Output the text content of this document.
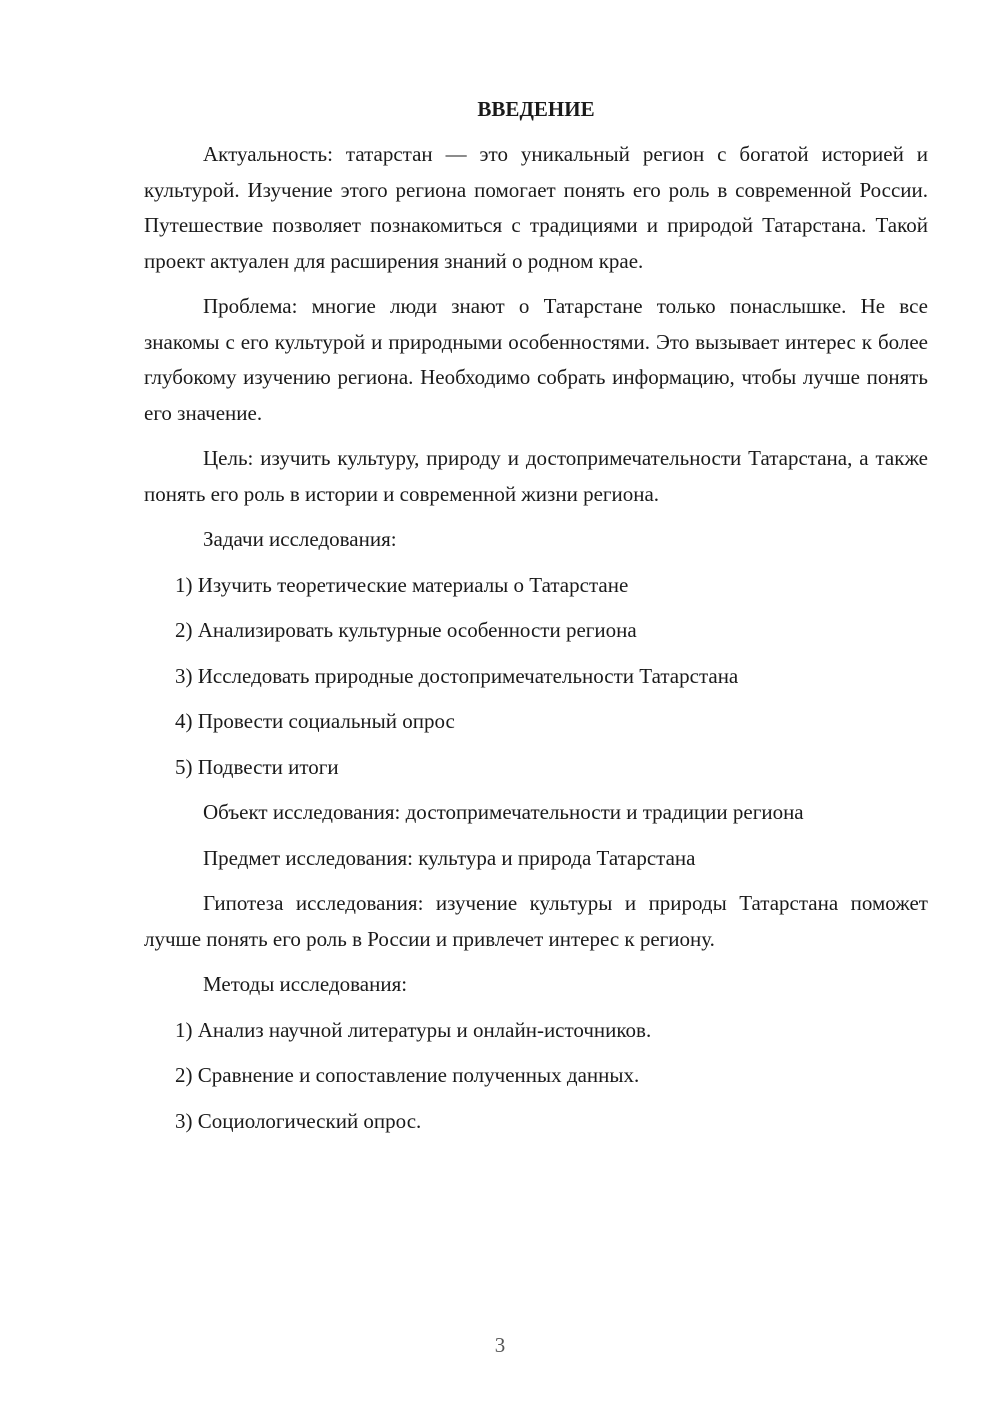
ВВЕДЕНИЕ

Актуальность: татарстан — это уникальный регион с богатой историей и культурой. Изучение этого региона помогает понять его роль в современной России. Путешествие позволяет познакомиться с традициями и природой Татарстана. Такой проект актуален для расширения знаний о родном крае.

Проблема: многие люди знают о Татарстане только понаслышке. Не все знакомы с его культурой и природными особенностями. Это вызывает интерес к более глубокому изучению региона. Необходимо собрать информацию, чтобы лучше понять его значение.

Цель: изучить культуру, природу и достопримечательности Татарстана, а также понять его роль в истории и современной жизни региона.

Задачи исследования:

1) Изучить теоретические материалы о Татарстане

2) Анализировать культурные особенности региона

3) Исследовать природные достопримечательности Татарстана

4) Провести социальный опрос

5) Подвести итоги

Объект исследования: достопримечательности и традиции региона

Предмет исследования: культура и природа Татарстана

Гипотеза исследования: изучение культуры и природы Татарстана поможет лучше понять его роль в России и привлечет интерес к региону.

Методы исследования:

1) Анализ научной литературы и онлайн-источников.

2) Сравнение и сопоставление полученных данных.

3) Социологический опрос.

3
